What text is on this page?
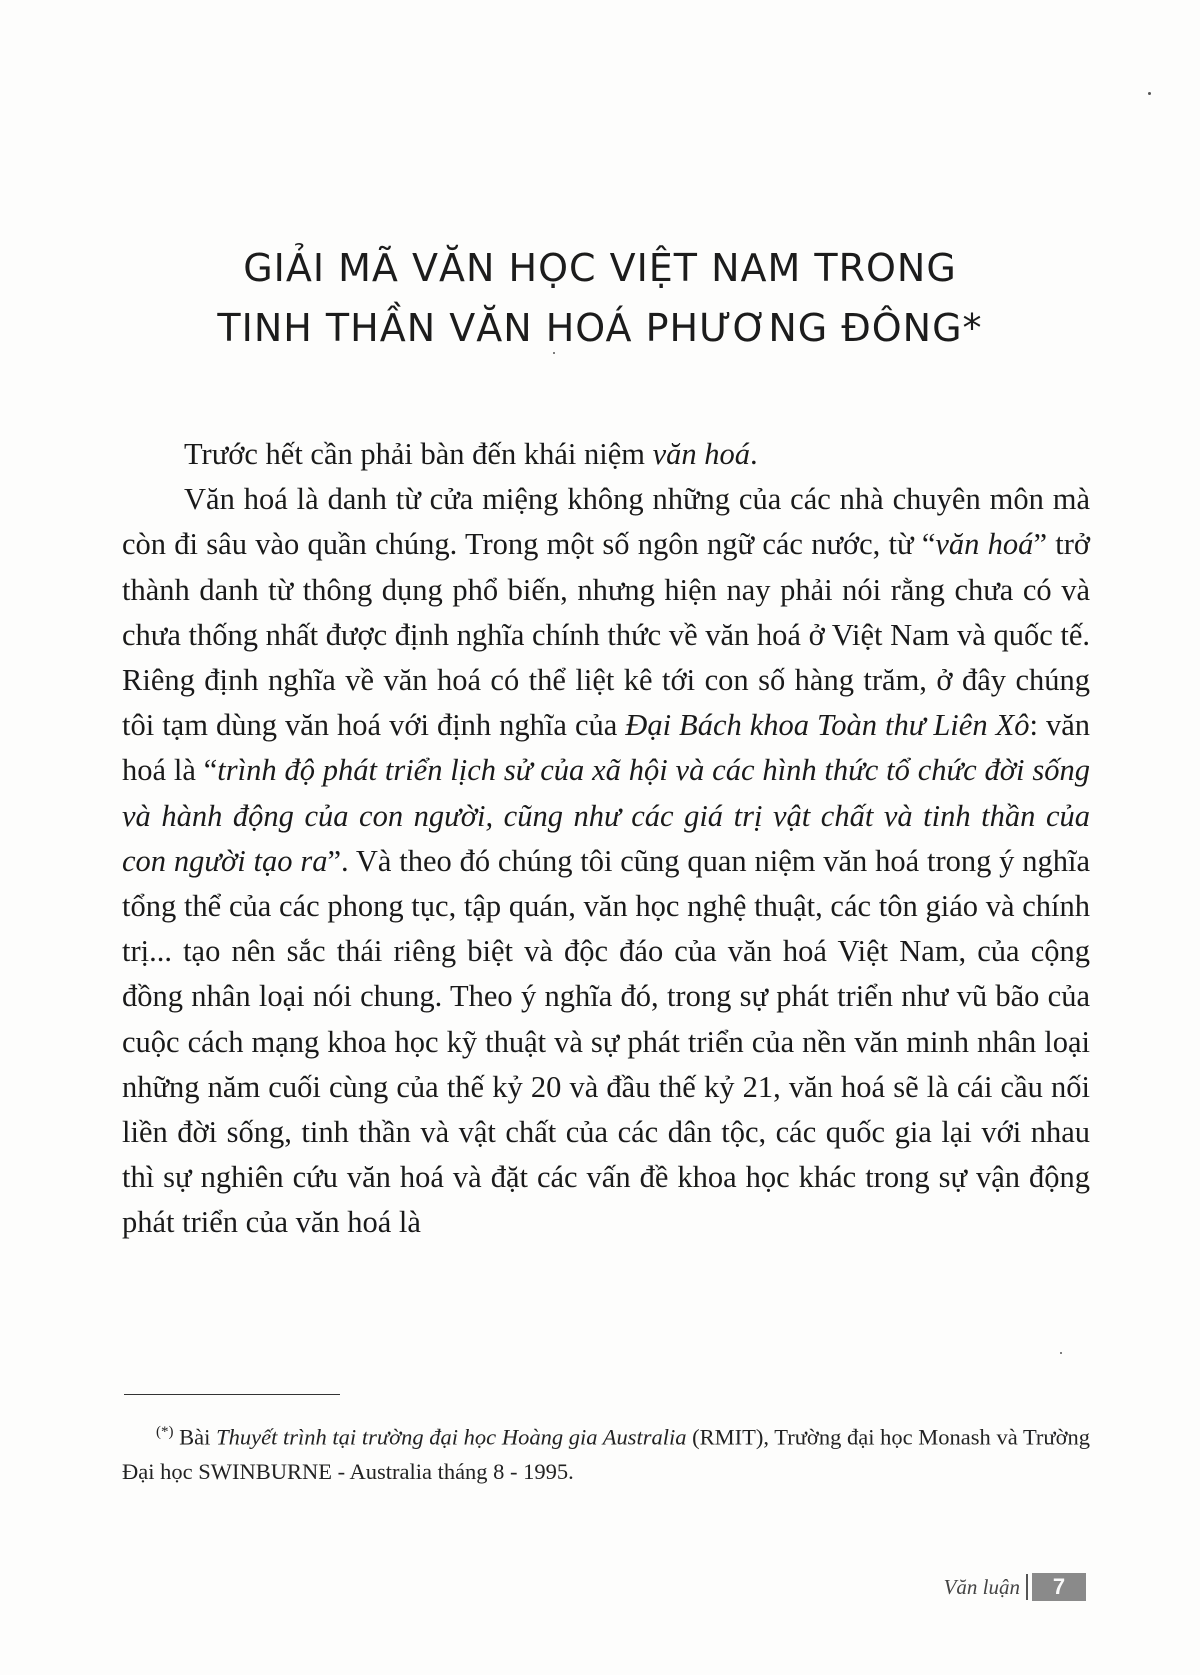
GIẢI MÃ VĂN HỌC VIỆT NAM TRONG
TINH THẦN VĂN HOÁ PHƯƠNG ĐÔNG*

Trước hết cần phải bàn đến khái niệm văn hoá.

Văn hoá là danh từ cửa miệng không những của các nhà chuyên môn mà còn đi sâu vào quần chúng. Trong một số ngôn ngữ các nước, từ “văn hoá” trở thành danh từ thông dụng phổ biến, nhưng hiện nay phải nói rằng chưa có và chưa thống nhất được định nghĩa chính thức về văn hoá ở Việt Nam và quốc tế. Riêng định nghĩa về văn hoá có thể liệt kê tới con số hàng trăm, ở đây chúng tôi tạm dùng văn hoá với định nghĩa của Đại Bách khoa Toàn thư Liên Xô: văn hoá là “trình độ phát triển lịch sử của xã hội và các hình thức tổ chức đời sống và hành động của con người, cũng như các giá trị vật chất và tinh thần của con người tạo ra”. Và theo đó chúng tôi cũng quan niệm văn hoá trong ý nghĩa tổng thể của các phong tục, tập quán, văn học nghệ thuật, các tôn giáo và chính trị... tạo nên sắc thái riêng biệt và độc đáo của văn hoá Việt Nam, của cộng đồng nhân loại nói chung. Theo ý nghĩa đó, trong sự phát triển như vũ bão của cuộc cách mạng khoa học kỹ thuật và sự phát triển của nền văn minh nhân loại những năm cuối cùng của thế kỷ 20 và đầu thế kỷ 21, văn hoá sẽ là cái cầu nối liền đời sống, tinh thần và vật chất của các dân tộc, các quốc gia lại với nhau thì sự nghiên cứu văn hoá và đặt các vấn đề khoa học khác trong sự vận động phát triển của văn hoá là

(*) Bài Thuyết trình tại trường đại học Hoàng gia Australia (RMIT), Trường đại học Monash và Trường Đại học SWINBURNE - Australia tháng 8 - 1995.
Văn luận	7
